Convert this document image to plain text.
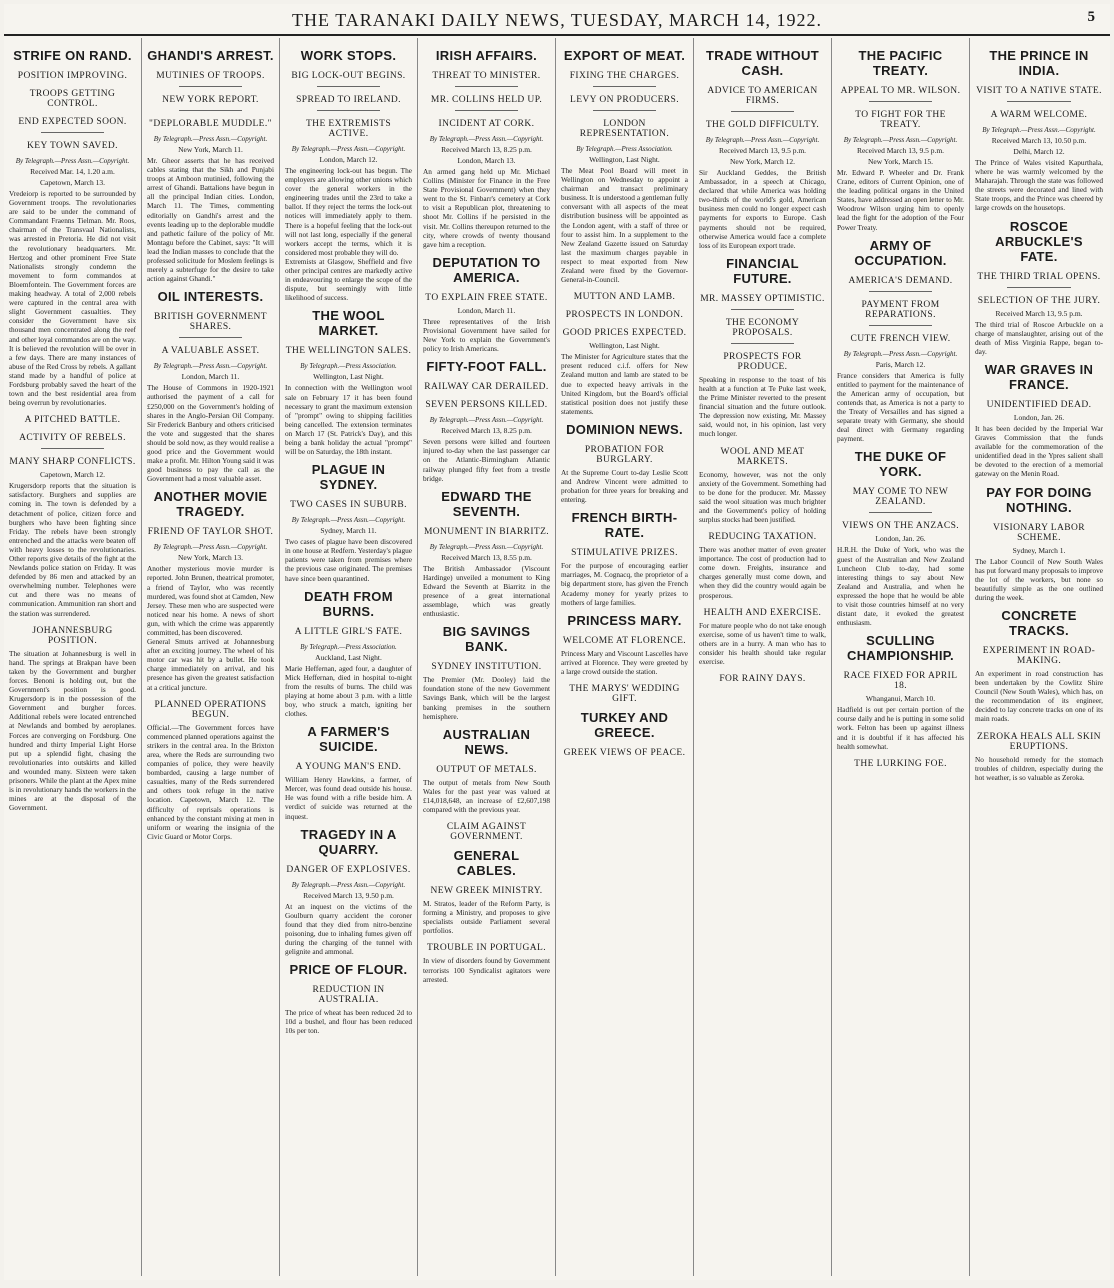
THE TARANAKI DAILY NEWS, TUESDAY, MARCH 14, 1922.	5
STRIFE ON RAND.
POSITION IMPROVING.
TROOPS GETTING CONTROL.
END EXPECTED SOON.
KEY TOWN SAVED.
By Telegraph.—Press Assn.—Copyright.
Received Mar. 14, 1.20 a.m.
Capetown, March 13.
Vredeiorp is reported to be surrounded by Government troops. The revolutionaries are said to be under the command of Commandant Fraenns Tielman. Mr. Roos, chairman of the Transvaal Nationalists, was arrested in Pretoria. He did not visit the revolutionary headquarters. Mr. Hertzog and other prominent Free State Nationalists strongly condemn the movement to form commandos at Bloemfontein. The Government forces are making headway. A total of 2,000 rebels were captured in the central area with slight Government casualties. They consider the Government have six thousand men concentrated along the reef and other loyal commandos are on the way. It is believed the revolution will be over in a few days. There are many instances of abuse of the Red Cross by rebels. A gallant stand made by a handful of police at Fordsburg probably saved the heart of the town and the best residential area from being overrun by revolutionaries.
A PITCHED BATTLE.
ACTIVITY OF REBELS.
MANY SHARP CONFLICTS.
Capetown, March 12.
Krugersdorp reports that the situation is satisfactory. Burghers and supplies are coming in. The town is defended by a detachment of police, citizen force and burghers who have been fighting since Friday. The rebels have been strongly entrenched and the attacks were beaten off with heavy losses to the revolutionaries. Other reports give details of the fight at the Newlands police station on Friday. It was defended by 86 men and attacked by an overwhelming number. Telephones were cut and there was no means of communication. Ammunition ran short and the station was surrendered.
JOHANNESBURG POSITION.
The situation at Johannesburg is well in hand. The springs at Brakpan have been taken by the Government and burgher forces. Benoni is holding out, but the Government's position is good. Krugersdorp is in the possession of the Government and burgher forces. Additional rebels were located entrenched at Newlands and bombed by aeroplanes. Forces are converging on Fordsburg. One hundred and thirty Imperial Light Horse put up a splendid fight, chasing the revolutionaries into outskirts and killed and wounded many. Sixteen were taken prisoners. While the plant at the Apex mine is in revolutionary hands the workers in the mines are at the disposal of the Government.
GHANDI'S ARREST.
MUTINIES OF TROOPS.
NEW YORK REPORT.
"DEPLORABLE MUDDLE."
By Telegraph.—Press Assn.—Copyright.
New York, March 11.
Mr. Gheor asserts that he has received cables stating that the Sikh and Punjabi troops at Amboon mutinied, following the arrest of Ghandi. Battalions have begun in all the principal Indian cities. London, March 11. The Times, commenting editorially on Gandhi's arrest and the events leading up to the deplorable muddle and pathetic failure of the policy of Mr. Montagu before the Cabinet, says: "It will lead the Indian masses to conclude that the professed solicitude for Moslem feelings is merely a subterfuge for the desire to take action against Ghandi."
OIL INTERESTS.
BRITISH GOVERNMENT SHARES.
A VALUABLE ASSET.
By Telegraph.—Press Assn.—Copyright.
London, March 11.
The House of Commons in 1920-1921 authorised the payment of a call for £250,000 on the Government's holding of shares in the Anglo-Persian Oil Company. Sir Frederick Banbury and others criticised the vote and suggested that the shares should be sold now, as they would realise a good price and the Government would make a profit. Mr. Hilton Young said it was good business to pay the call as the Government had a most valuable asset.
ANOTHER MOVIE TRAGEDY.
FRIEND OF TAYLOR SHOT.
By Telegraph.—Press Assn.—Copyright.
New York, March 13.
Another mysterious movie murder is reported. John Brunen, theatrical promoter, a friend of Taylor, who was recently murdered, was found shot at Camden, New Jersey. These men who are suspected were noticed near his home. A news of short gun, with which the crime was apparently committed, has been discovered.
General Smuts arrived at Johannesburg after an exciting journey. The wheel of his motor car was hit by a bullet. He took charge immediately on arrival, and his presence has given the greatest satisfaction at a critical juncture.
PLANNED OPERATIONS BEGUN.
Official.—The Government forces have commenced planned operations against the strikers in the central area. In the Brixton area, where the Reds are surrounding two companies of police, they were heavily bombarded, causing a large number of casualties, many of the Reds surrendered and others took refuge in the native location. Capetown, March 12. The difficulty of reprisals operations is enhanced by the constant mixing at men in uniform or wearing the insignia of the Civic Guard or Motor Corps.
WORK STOPS.
BIG LOCK-OUT BEGINS.
SPREAD TO IRELAND.
THE EXTREMISTS ACTIVE.
By Telegraph.—Press Assn.—Copyright.
London, March 12.
The engineering lock-out has begun. The employers are allowing other unions which cover the general workers in the engineering trades until the 23rd to take a ballot. If they reject the terms the lock-out notices will immediately apply to them. There is a hopeful feeling that the lock-out will not last long, especially if the general workers accept the terms, which it is considered most probable they will do.
Extremists at Glasgow, Sheffield and five other principal centres are markedly active in endeavouring to enlarge the scope of the dispute, but seemingly with little likelihood of success.
THE WOOL MARKET.
THE WELLINGTON SALES.
By Telegraph.—Press Association.
Wellington, Last Night.
In connection with the Wellington wool sale on February 17 it has been found necessary to grant the maximum extension of "prompt" owing to shipping facilities being cancelled. The extension terminates on March 17 (St. Patrick's Day), and this being a bank holiday the actual "prompt" will be on Saturday, the 18th instant.
PLAGUE IN SYDNEY.
TWO CASES IN SUBURB.
By Telegraph.—Press Assn.—Copyright.
Sydney, March 11.
Two cases of plague have been discovered in one house at Redfern. Yesterday's plague patients were taken from premises where the previous case originated. The premises have since been quarantined.
DEATH FROM BURNS.
A LITTLE GIRL'S FATE.
By Telegraph.—Press Association.
Auckland, Last Night.
Marie Heffernan, aged four, a daughter of Mick Heffernan, died in hospital to-night from the results of burns. The child was playing at home about 3 p.m. with a little boy, who struck a match, igniting her clothes.
A FARMER'S SUICIDE.
A YOUNG MAN'S END.
William Henry Hawkins, a farmer, of Mercer, was found dead outside his house. He was found with a rifle beside him. A verdict of suicide was returned at the inquest.
TRAGEDY IN A QUARRY.
DANGER OF EXPLOSIVES.
By Telegraph.—Press Assn.—Copyright.
Received March 13, 9.50 p.m.
At an inquest on the victims of the Goulburn quarry accident the coroner found that they died from nitro-benzine poisoning, due to inhaling fumes given off during the charging of the tunnel with gelignite and ammonal.
PRICE OF FLOUR.
REDUCTION IN AUSTRALIA.
The price of wheat has been reduced 2d to 10d a bushel, and flour has been reduced 10s per ton.
IRISH AFFAIRS.
THREAT TO MINISTER.
MR. COLLINS HELD UP.
INCIDENT AT CORK.
By Telegraph.—Press Assn.—Copyright.
Received March 13, 8.25 p.m.
London, March 13.
An armed gang held up Mr. Michael Collins (Minister for Finance in the Free State Provisional Government) when they went to the St. Finbarr's cemetery at Cork to visit a Republican plot, threatening to shoot Mr. Collins if he persisted in the visit. Mr. Collins thereupon returned to the city, where crowds of twenty thousand gave him a reception.
DEPUTATION TO AMERICA.
TO EXPLAIN FREE STATE.
London, March 11.
Three representatives of the Irish Provisional Government have sailed for New York to explain the Government's policy to Irish Americans.
FIFTY-FOOT FALL.
RAILWAY CAR DERAILED.
SEVEN PERSONS KILLED.
By Telegraph.—Press Assn.—Copyright.
Received March 13, 8.25 p.m.
Seven persons were killed and fourteen injured to-day when the last passenger car on the Atlantic-Birmingham Atlantic railway plunged fifty feet from a trestle bridge.
EDWARD THE SEVENTH.
MONUMENT IN BIARRITZ.
By Telegraph.—Press Assn.—Copyright.
Received March 13, 8.55 p.m.
The British Ambassador (Viscount Hardinge) unveiled a monument to King Edward the Seventh at Biarritz in the presence of a great international assemblage, which was greatly enthusiastic.
BIG SAVINGS BANK.
SYDNEY INSTITUTION.
The Premier (Mr. Dooley) laid the foundation stone of the new Government Savings Bank, which will be the largest banking premises in the southern hemisphere.
AUSTRALIAN NEWS.
OUTPUT OF METALS.
The output of metals from New South Wales for the past year was valued at £14,018,648, an increase of £2,607,198 compared with the previous year.
CLAIM AGAINST GOVERNMENT.
GENERAL CABLES.
NEW GREEK MINISTRY.
M. Stratos, leader of the Reform Party, is forming a Ministry, and proposes to give specialists outside Parliament several portfolios.
TROUBLE IN PORTUGAL.
In view of disorders found by Government terrorists 100 Syndicalist agitators were arrested.
EXPORT OF MEAT.
FIXING THE CHARGES.
LEVY ON PRODUCERS.
LONDON REPRESENTATION.
By Telegraph.—Press Association.
Wellington, Last Night.
The Meat Pool Board will meet in Wellington on Wednesday to appoint a chairman and transact preliminary business. It is understood a gentleman fully conversant with all aspects of the meat distribution business will be appointed as the London agent, with a staff of three or four to assist him. In a supplement to the New Zealand Gazette issued on Saturday last the maximum charges payable in respect to meat exported from New Zealand were fixed by the Governor-General-in-Council.
MUTTON AND LAMB.
PROSPECTS IN LONDON.
GOOD PRICES EXPECTED.
Wellington, Last Night.
The Minister for Agriculture states that the present reduced c.i.f. offers for New Zealand mutton and lamb are stated to be due to expected heavy arrivals in the United Kingdom, but the Board's official statistical position does not justify these statements.
DOMINION NEWS.
PROBATION FOR BURGLARY.
At the Supreme Court to-day Leslie Scott and Andrew Vincent were admitted to probation for three years for breaking and entering.
FRENCH BIRTH-RATE.
STIMULATIVE PRIZES.
For the purpose of encouraging earlier marriages, M. Cognacq, the proprietor of a big department store, has given the French Academy money for yearly prizes to mothers of large families.
PRINCESS MARY.
WELCOME AT FLORENCE.
Princess Mary and Viscount Lascelles have arrived at Florence. They were greeted by a large crowd outside the station.
THE MARYS' WEDDING GIFT.
TURKEY AND GREECE.
GREEK VIEWS OF PEACE.
TRADE WITHOUT CASH.
ADVICE TO AMERICAN FIRMS.
THE GOLD DIFFICULTY.
By Telegraph.—Press Assn.—Copyright.
Received March 13, 9.5 p.m.
New York, March 12.
Sir Auckland Geddes, the British Ambassador, in a speech at Chicago, declared that while America was holding two-thirds of the world's gold, American business men could no longer expect cash payments for exports to Europe. Cash payments should not be required, otherwise America would face a complete loss of its European export trade.
FINANCIAL FUTURE.
MR. MASSEY OPTIMISTIC.
THE ECONOMY PROPOSALS.
PROSPECTS FOR PRODUCE.
Speaking in response to the toast of his health at a function at Te Puke last week, the Prime Minister reverted to the present financial situation and the future outlook. The depression now existing, Mr. Massey said, would not, in his opinion, last very much longer.
WOOL AND MEAT MARKETS.
Economy, however, was not the only anxiety of the Government. Something had to be done for the producer. Mr. Massey said the wool situation was much brighter and the Government's policy of holding surplus stocks had been justified.
REDUCING TAXATION.
There was another matter of even greater importance. The cost of production had to come down. Freights, insurance and charges generally must come down, and when they did the country would again be prosperous.
HEALTH AND EXERCISE.
For mature people who do not take enough exercise, some of us haven't time to walk, others are in a hurry. A man who has to consider his health should take regular exercise.
FOR RAINY DAYS.
THE PACIFIC TREATY.
APPEAL TO MR. WILSON.
TO FIGHT FOR THE TREATY.
By Telegraph.—Press Assn.—Copyright.
Received March 13, 9.5 p.m.
New York, March 15.
Mr. Edward P. Wheeler and Dr. Frank Crane, editors of Current Opinion, one of the leading political organs in the United States, have addressed an open letter to Mr. Woodrow Wilson urging him to openly lead the fight for the adoption of the Four Power Treaty.
ARMY OF OCCUPATION.
AMERICA'S DEMAND.
PAYMENT FROM REPARATIONS.
CUTE FRENCH VIEW.
By Telegraph.—Press Assn.—Copyright.
Paris, March 12.
France considers that America is fully entitled to payment for the maintenance of the American army of occupation, but contends that, as America is not a party to the Treaty of Versailles and has signed a separate treaty with Germany, she should deal direct with Germany regarding payment.
THE DUKE OF YORK.
MAY COME TO NEW ZEALAND.
VIEWS ON THE ANZACS.
London, Jan. 26.
H.R.H. the Duke of York, who was the guest of the Australian and New Zealand Luncheon Club to-day, had some interesting things to say about New Zealand and Australia, and when he expressed the hope that he would be able to visit those countries himself at no very distant date, it evoked the greatest enthusiasm.
SCULLING CHAMPIONSHIP.
RACE FIXED FOR APRIL 18.
Whanganui, March 10.
Hadfield is out per certain portion of the course daily and he is putting in some solid work. Felton has been up against illness and it is doubtful if it has affected his health somewhat.
THE LURKING FOE.
THE PRINCE IN INDIA.
VISIT TO A NATIVE STATE.
A WARM WELCOME.
By Telegraph.—Press Assn.—Copyright.
Received March 13, 10.50 p.m.
Delhi, March 12.
The Prince of Wales visited Kapurthala, where he was warmly welcomed by the Maharajah. Through the state was followed the streets were decorated and lined with State troops, and the Prince was cheered by large crowds on the housetops.
ROSCOE ARBUCKLE'S FATE.
THE THIRD TRIAL OPENS.
SELECTION OF THE JURY.
Received March 13, 9.5 p.m.
The third trial of Roscoe Arbuckle on a charge of manslaughter, arising out of the death of Miss Virginia Rappe, began to-day.
WAR GRAVES IN FRANCE.
UNIDENTIFIED DEAD.
London, Jan. 26.
It has been decided by the Imperial War Graves Commission that the funds available for the commemoration of the unidentified dead in the Ypres salient shall be devoted to the erection of a memorial gateway on the Menin Road.
PAY FOR DOING NOTHING.
VISIONARY LABOR SCHEME.
Sydney, March 1.
The Labor Council of New South Wales has put forward many proposals to improve the lot of the workers, but none so beautifully simple as the one outlined during the week.
CONCRETE TRACKS.
EXPERIMENT IN ROAD-MAKING.
An experiment in road construction has been undertaken by the Cowlitz Shire Council (New South Wales), which has, on the recommendation of its engineer, decided to lay concrete tracks on one of its main roads.
ZEROKA HEALS ALL SKIN ERUPTIONS.
No household remedy for the stomach troubles of children, especially during the hot weather, is so valuable as Zeroka.
